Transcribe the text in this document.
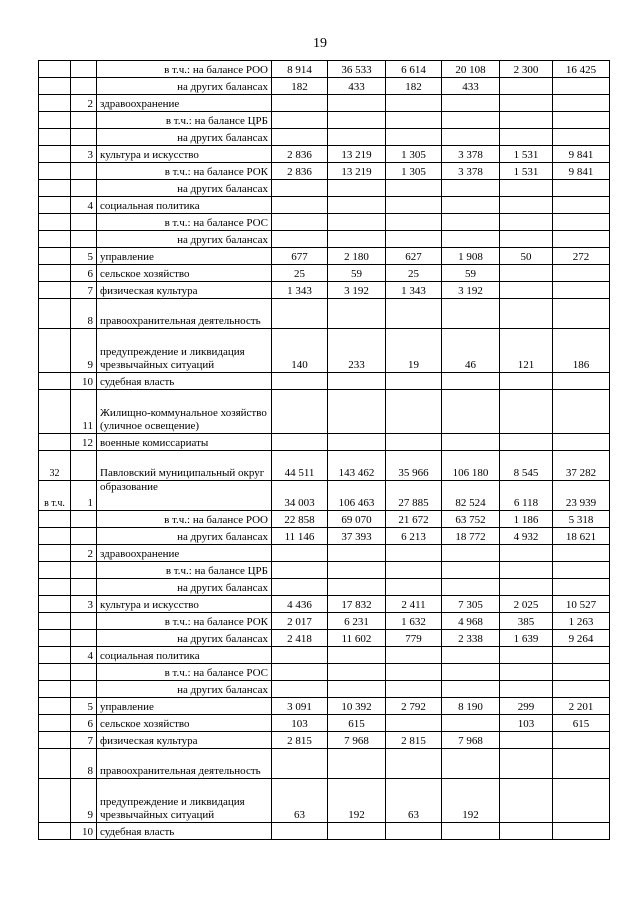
19
		в т.ч.: на балансе РОО	8 914	36 533	6 614	20 108	2 300	16 425
		на других балансах	182	433	182	433		
	2	здравоохранение						
		в т.ч.: на балансе ЦРБ						
		на других балансах						
	3	культура и искусство	2 836	13 219	1 305	3 378	1 531	9 841
		в т.ч.: на балансе РОК	2 836	13 219	1 305	3 378	1 531	9 841
		на других балансах						
	4	социальная политика						
		в т.ч.: на балансе РОС						
		на других балансах						
	5	управление	677	2 180	627	1 908	50	272
	6	сельское хозяйство	25	59	25	59		
	7	физическая культура	1 343	3 192	1 343	3 192		
	8	правоохранительная деятельность						
	9	предупреждение и ликвидация чрезвычайных ситуаций	140	233	19	46	121	186
	10	судебная власть						
	11	Жилищно-коммунальное хозяйство (уличное освещение)						
	12	военные комиссариаты						
32		Павловский муниципальный округ	44 511	143 462	35 966	106 180	8 545	37 282
в т.ч.	1	образование	34 003	106 463	27 885	82 524	6 118	23 939
		в т.ч.: на балансе РОО	22 858	69 070	21 672	63 752	1 186	5 318
		на других балансах	11 146	37 393	6 213	18 772	4 932	18 621
	2	здравоохранение						
		в т.ч.: на балансе ЦРБ						
		на других балансах						
	3	культура и искусство	4 436	17 832	2 411	7 305	2 025	10 527
		в т.ч.: на балансе РОК	2 017	6 231	1 632	4 968	385	1 263
		на других балансах	2 418	11 602	779	2 338	1 639	9 264
	4	социальная политика						
		в т.ч.: на балансе РОС						
		на других балансах						
	5	управление	3 091	10 392	2 792	8 190	299	2 201
	6	сельское хозяйство	103	615			103	615
	7	физическая культура	2 815	7 968	2 815	7 968		
	8	правоохранительная деятельность						
	9	предупреждение и ликвидация чрезвычайных ситуаций	63	192	63	192		
	10	судебная власть						
